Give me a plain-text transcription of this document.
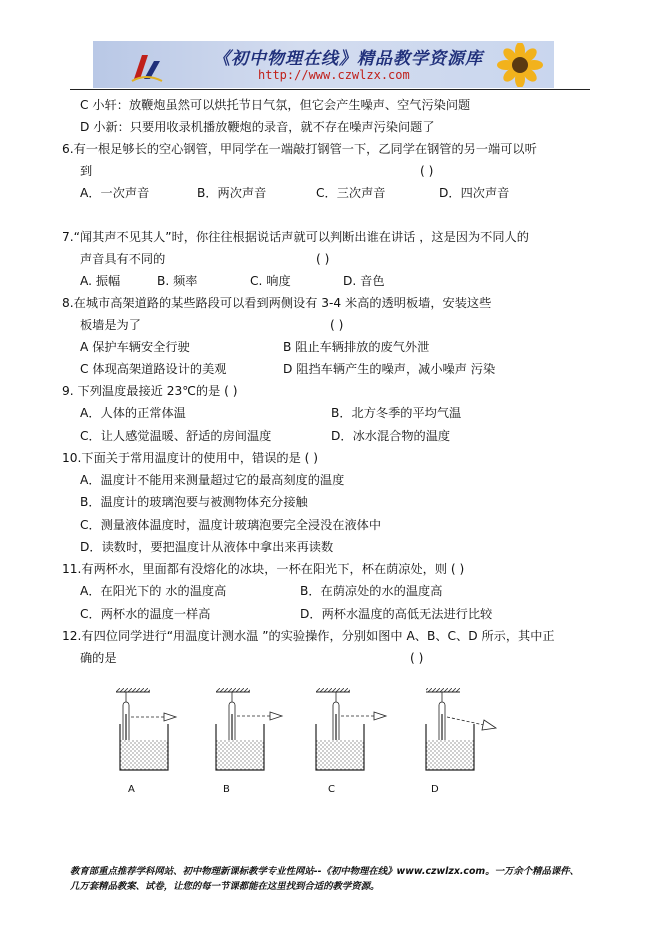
《初中物理在线》精品教学资源库
http://www.czwlzx.com
C 小轩：放鞭炮虽然可以烘托节日气氛，但它会产生噪声、空气污染问题
D 小新：只要用收录机播放鞭炮的录音，就不存在噪声污染问题了
6.有一根足够长的空心钢管，甲同学在一端敲打钢管一下，乙同学在钢管的另一端可以听
到	( )
A．一次声音	B．两次声音	C．三次声音	D．四次声音
7.“闻其声不见其人”时，你往往根据说话声就可以判断出谁在讲话 ，这是因为不同人的
声音具有不同的	( )
A. 振幅	B. 频率	C. 响度	D. 音色
8.在城市高架道路的某些路段可以看到两侧设有 3-4 米高的透明板墙，安装这些
板墙是为了	( )
A 保护车辆安全行驶	B 阻止车辆排放的废气外泄
C 体现高架道路设计的美观	D 阻挡车辆产生的噪声，减小噪声 污染
9. 下列温度最接近 23℃的是 ( )
A．人体的正常体温	B．北方冬季的平均气温
C．让人感觉温暖、舒适的房间温度	D．冰水混合物的温度
10.下面关于常用温度计的使用中，错误的是 ( )
A．温度计不能用来测量超过它的最高刻度的温度
B．温度计的玻璃泡要与被测物体充分接触
C．测量液体温度时，温度计玻璃泡要完全浸没在液体中
D．读数时，要把温度计从液体中拿出来再读数
11.有两杯水，里面都有没熔化的冰块，一杯在阳光下，杯在荫凉处，则 ( )
A．在阳光下的 水的温度高	B．在荫凉处的水的温度高
C．两杯水的温度一样高	D．两杯水温度的高低无法进行比较
12.有四位同学进行“用温度计测水温 ”的实验操作，分别如图中 A、B、C、D 所示，其中正
确的是	( )
A	B	C	D
教育部重点推荐学科网站、初中物理新课标教学专业性网站--《初中物理在线》www.czwlzx.com。一万余个精品课件、
几万套精品教案、试卷，让您的每一节课都能在这里找到合适的教学资源。
